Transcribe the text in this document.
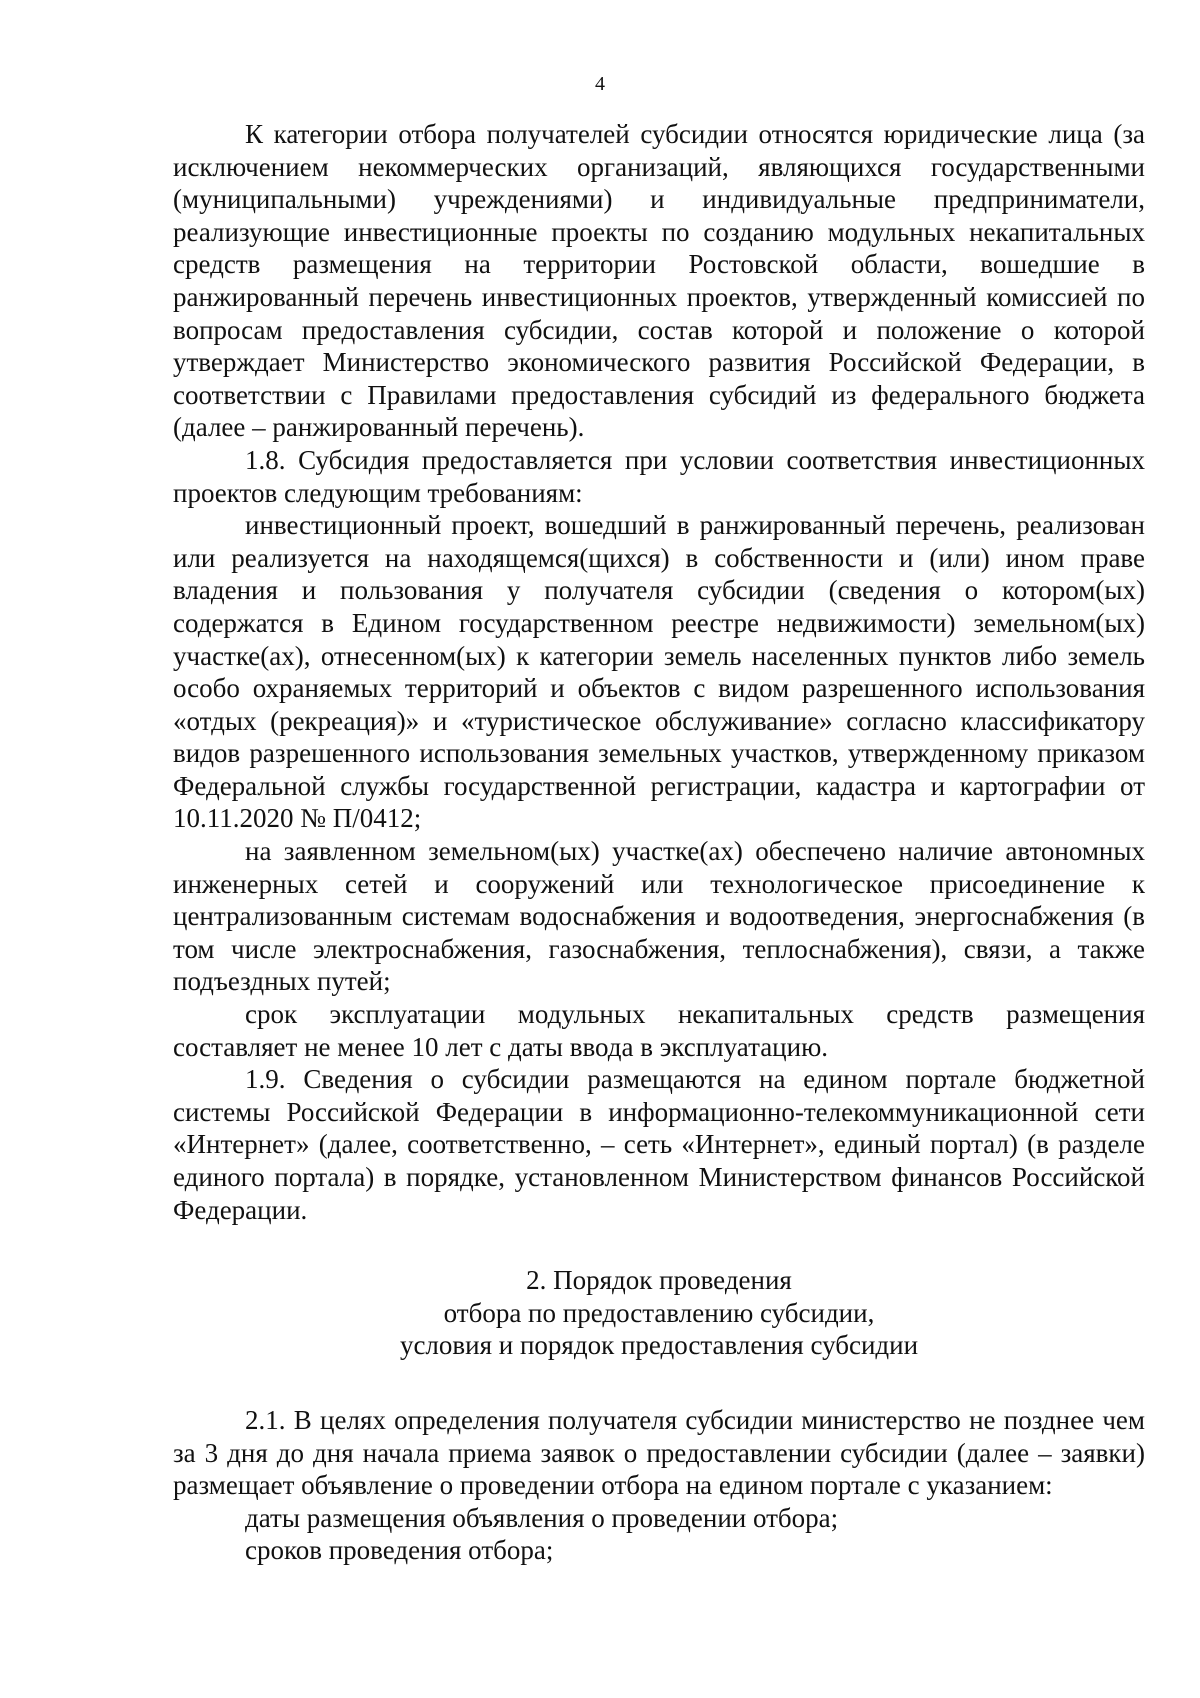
4

К категории отбора получателей субсидии относятся юридические лица (за исключением некоммерческих организаций, являющихся государственными (муниципальными) учреждениями) и индивидуальные предприниматели, реализующие инвестиционные проекты по созданию модульных некапитальных средств размещения на территории Ростовской области, вошедшие в ранжированный перечень инвестиционных проектов, утвержденный комиссией по вопросам предоставления субсидии, состав которой и положение о которой утверждает Министерство экономического развития Российской Федерации, в соответствии с Правилами предоставления субсидий из федерального бюджета (далее – ранжированный перечень).

1.8. Субсидия предоставляется при условии соответствия инвестиционных проектов следующим требованиям:

инвестиционный проект, вошедший в ранжированный перечень, реализован или реализуется на находящемся(щихся) в собственности и (или) ином праве владения и пользования у получателя субсидии (сведения о котором(ых) содержатся в Едином государственном реестре недвижимости) земельном(ых) участке(ах), отнесенном(ых) к категории земель населенных пунктов либо земель особо охраняемых территорий и объектов с видом разрешенного использования «отдых (рекреация)» и «туристическое обслуживание» согласно классификатору видов разрешенного использования земельных участков, утвержденному приказом Федеральной службы государственной регистрации, кадастра и картографии от 10.11.2020 № П/0412;

на заявленном земельном(ых) участке(ах) обеспечено наличие автономных инженерных сетей и сооружений или технологическое присоединение к централизованным системам водоснабжения и водоотведения, энергоснабжения (в том числе электроснабжения, газоснабжения, теплоснабжения), связи, а также подъездных путей;

срок эксплуатации модульных некапитальных средств размещения составляет не менее 10 лет с даты ввода в эксплуатацию.

1.9. Сведения о субсидии размещаются на едином портале бюджетной системы Российской Федерации в информационно-телекоммуникационной сети «Интернет» (далее, соответственно, – сеть «Интернет», единый портал) (в разделе единого портала) в порядке, установленном Министерством финансов Российской Федерации.

2. Порядок проведения
отбора по предоставлению субсидии,
условия и порядок предоставления субсидии

2.1. В целях определения получателя субсидии министерство не позднее чем за 3 дня до дня начала приема заявок о предоставлении субсидии (далее – заявки) размещает объявление о проведении отбора на едином портале с указанием:

даты размещения объявления о проведении отбора;

сроков проведения отбора;
